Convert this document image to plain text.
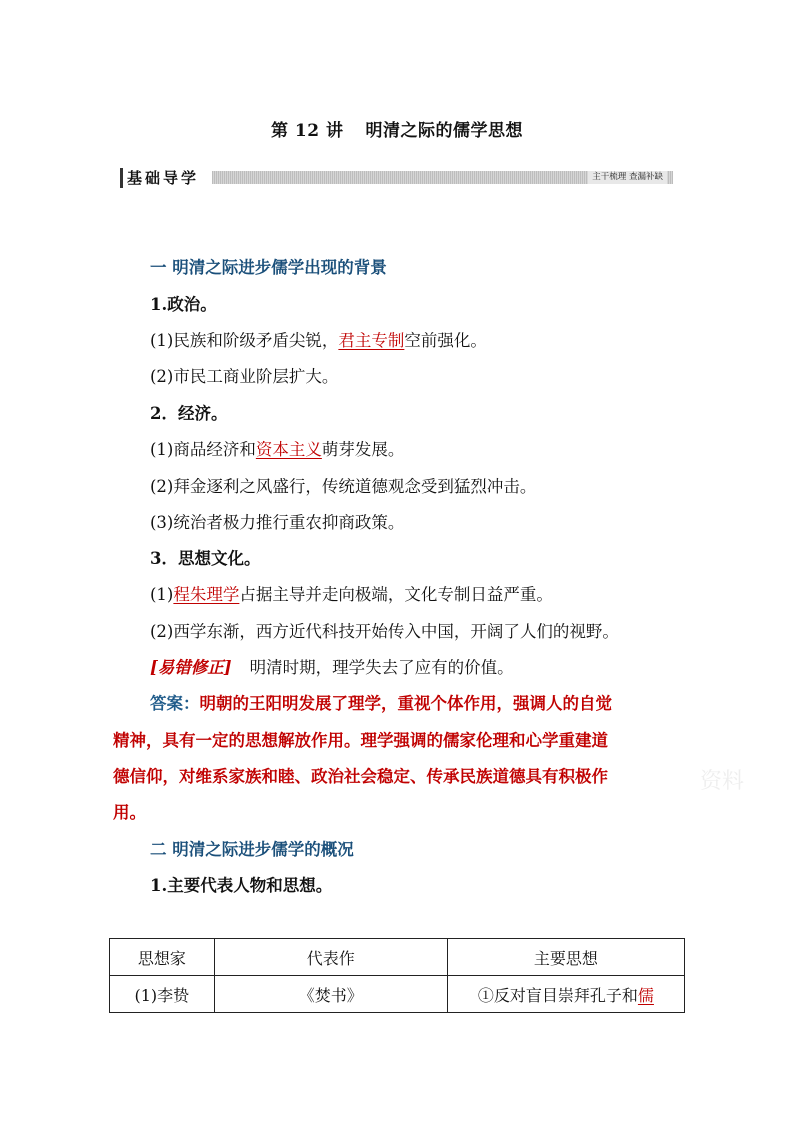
第 12 讲 明清之际的儒学思想
基础导学	主干梳理 查漏补缺
一 明清之际进步儒学出现的背景
1.政治。
(1)民族和阶级矛盾尖锐，君主专制空前强化。
(2)市民工商业阶层扩大。
2．经济。
(1)商品经济和资本主义萌芽发展。
(2)拜金逐利之风盛行，传统道德观念受到猛烈冲击。
(3)统治者极力推行重农抑商政策。
3．思想文化。
(1)程朱理学占据主导并走向极端，文化专制日益严重。
(2)西学东渐，西方近代科技开始传入中国，开阔了人们的视野。
[易错修正] 明清时期，理学失去了应有的价值。
答案：明朝的王阳明发展了理学，重视个体作用，强调人的自觉
精神，具有一定的思想解放作用。理学强调的儒家伦理和心学重建道
德信仰，对维系家族和睦、政治社会稳定、传承民族道德具有积极作
用。
二 明清之际进步儒学的概况
1.主要代表人物和思想。
思想家	代表作	主要思想
(1)李贽	《焚书》	①反对盲目崇拜孔子和儒
资料
